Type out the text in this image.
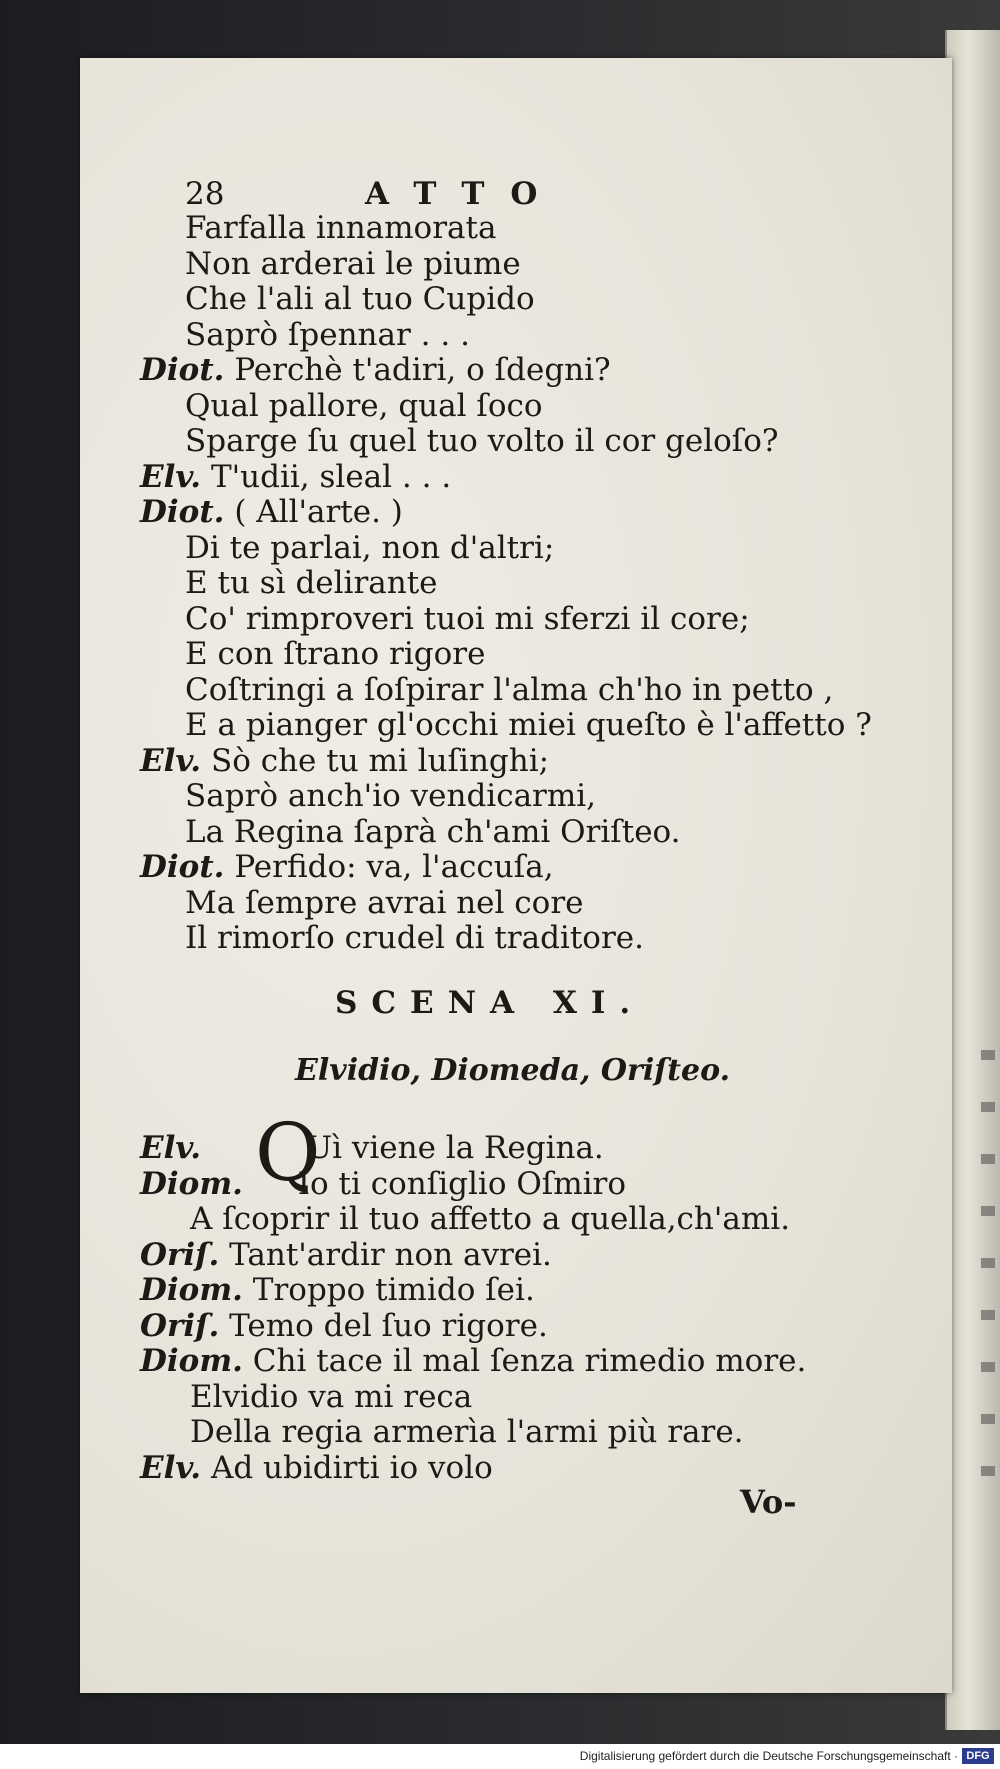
28	ATTO
Farfalla innamorata
Non arderai le piume
Che l'ali al tuo Cupido
Saprò ſpennar . . .
Diot. Perchè t'adiri, o ſdegni?
Qual pallore, qual ſoco
Sparge ſu quel tuo volto il cor geloſo?
Elv. T'udii, sleal . . .
Diot. ( All'arte. )
Di te parlai, non d'altri;
E tu sì delirante
Co' rimproveri tuoi mi sferzi il core;
E con ſtrano rigore
Coſtringi a ſoſpirar l'alma ch'ho in petto ,
E a pianger gl'occhi miei queſto è l'affetto ?
Elv. Sò che tu mi luſinghi;
Saprò anch'io vendicarmi,
La Regina ſaprà ch'ami Oriſteo.
Diot. Perfido: va, l'accuſa,
Ma ſempre avrai nel core
Il rimorſo crudel di traditore.
SCENA XI.
Elvidio, Diomeda, Oriſteo.
Q
Elv.	Uì viene la Regina.
Diom. Io ti conſiglio Oſmiro
A ſcoprir il tuo affetto a quella,ch'ami.
Oriſ. Tant'ardir non avrei.
Diom. Troppo timido ſei.
Oriſ. Temo del ſuo rigore.
Diom. Chi tace il mal ſenza rimedio more.
Elvidio va mi reca
Della regia armerìa l'armi più rare.
Elv. Ad ubidirti io volo
Vo-
Digitalisierung gefördert durch die Deutsche Forschungsgemeinschaft · DFG
